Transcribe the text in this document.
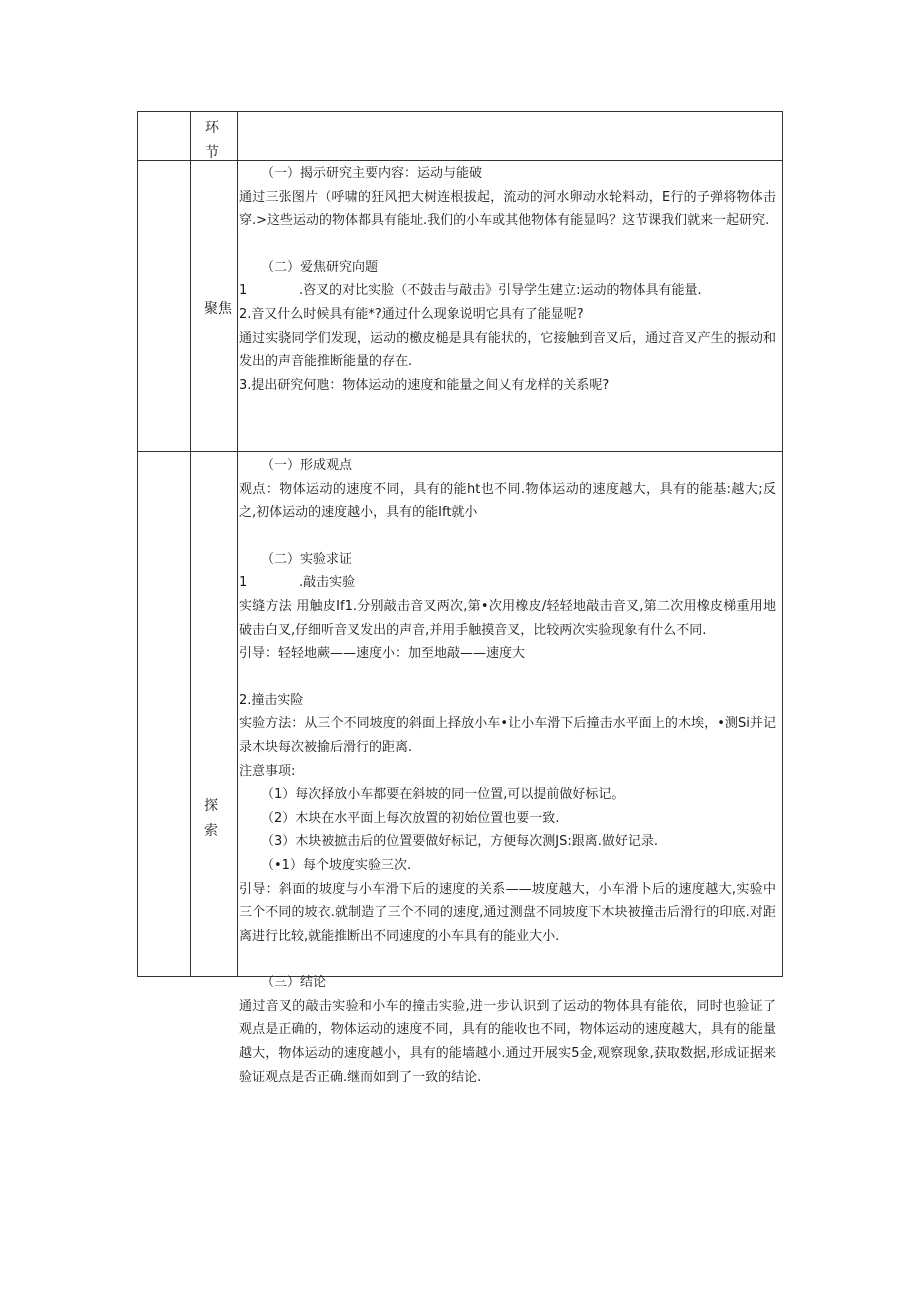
环
节
聚焦

（一）揭示研究主要内容：运动与能破

通过三张图片（呼啸的狂风把大树连根拔起，流动的河水卵动水轮料动，E行的子弹将物体击穿.>这些运动的物体都具有能址.我们的小车或其他物体有能显吗？这节课我们就来一起研究.

（二）爱焦研究向题

1	.咨叉的对比实脸（不鼓击与敲击》引导学生建立:运动的物体具有能量.

2.音又什么时候具有能*?通过什么现象说明它具有了能显呢?

通过实骁同学们发现，运动的檄皮槌是具有能状的，它接触到音叉后，通过音叉产生的振动和发出的声音能推断能量的存在.

3.提出研究何虺：物体运动的速度和能量之间乂有龙样的关系呢?

探
索

（一）形成观点

观点：物体运动的速度不同，具有的能ht也不同.物体运动的速度越大，具有的能基:越大;反之,初体运动的速度越小，具有的能Ift就小

（二）实验求证

1	.敲击实验

实缝方法 用触皮If1.分别敲击音叉两次,第•次用橡皮/轻轻地敲击音叉,第二次用橡皮梯重用地破击白叉,仔细听音叉发出的声音,并用手触摸音叉，比较两次实验现象有什么不同.

引导：轻轻地蕨——速度小：加至地敲——速度大

2.撞击实险

实验方法：从三个不同坡度的斜面上择放小车•让小车滑下后撞击水平面上的木埃，•测Si并记录木块每次被揄后滑行的距离.

注意事项:

（1）每次择放小车都要在斜坡的同一位置,可以提前做好标记。

（2）木块在水平面上每次放置的初始位置也要一致.

（3）木块被摭击后的位置要做好标记，方便每次测JS:跟离.做好记录.

（•1）每个坡度实验三次.

引导：斜面的坡度与小车滑下后的速度的关系——坡度越大，小车滑卜后的速度越大,实验中三个不同的坡衣.就制造了三个不同的速度,通过测盘不同坡度下木块被撞击后滑行的印底.对距离进行比较,就能推断出不同速度的小车具有的能业大小.

（三）结论

通过音叉的敲击实验和小车的撞击实验,进一步认识到了运动的物体具有能依，同时也验证了观点是正确的，物体运动的速度不同，具有的能收也不同，物体运动的速度越大，具有的能量越大，物体运动的速度越小，具有的能墙越小.通过开展实5金,观察现象,获取数据,形成证据来验证观点是否正确.继而如到了一致的结论.
